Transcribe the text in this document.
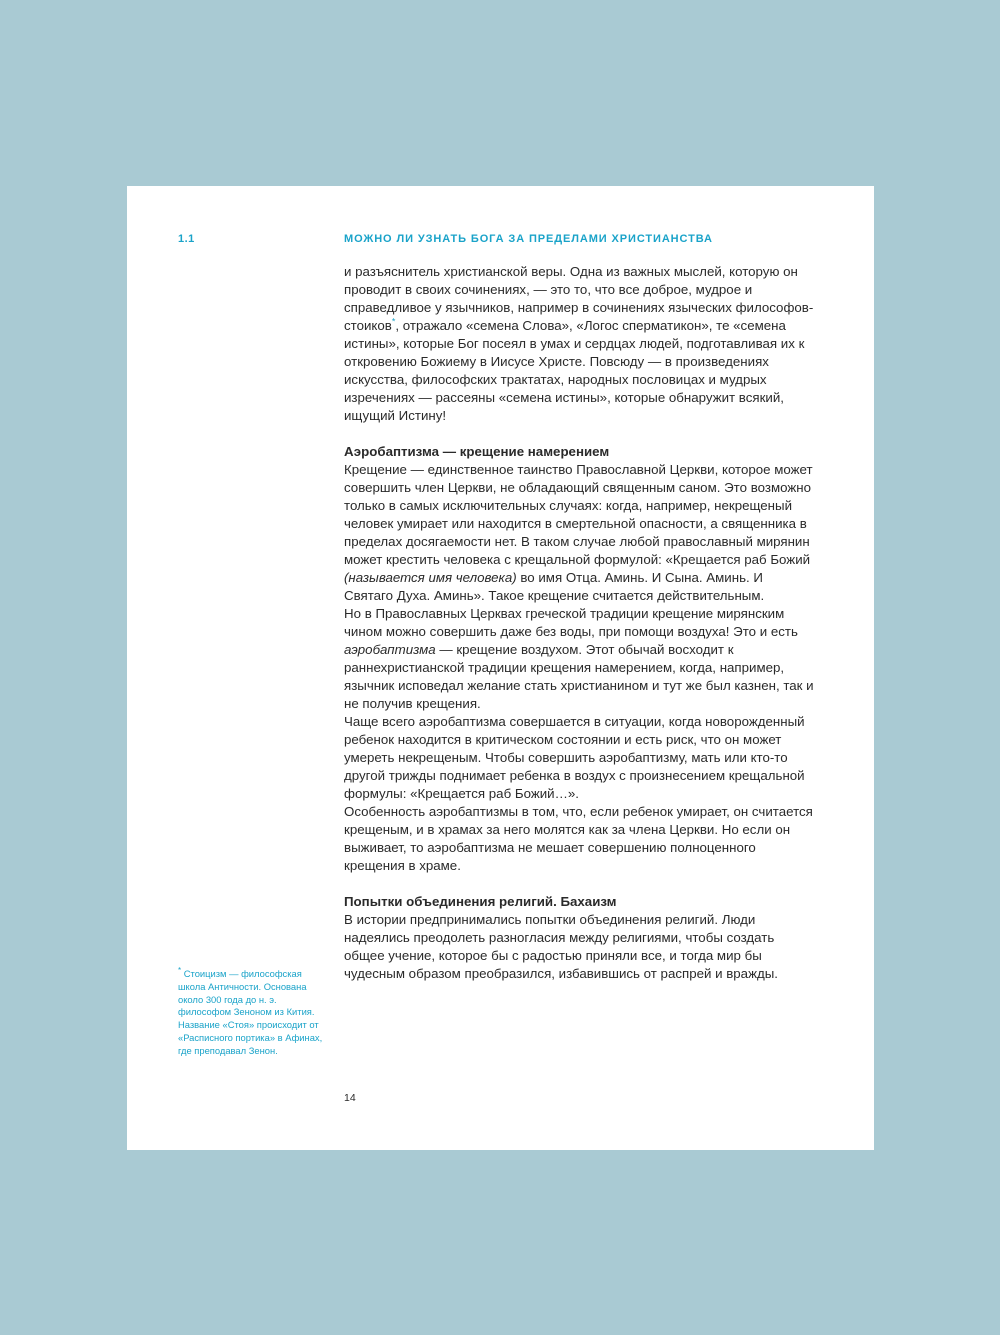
1.1	МОЖНО ЛИ УЗНАТЬ БОГА ЗА ПРЕДЕЛАМИ ХРИСТИАНСТВА

и разъяснитель христианской веры. Одна из важных мыслей, которую он проводит в своих сочинениях, — это то, что все доброе, мудрое и справедливое у язычников, например в сочинениях языческих философов-стоиков*, отражало «семена Слова», «Логос сперматикон», те «семена истины», которые Бог посеял в умах и сердцах людей, подготавливая их к откровению Божиему в Иисусе Христе. Повсюду — в произведениях искусства, философских трактатах, народных пословицах и мудрых изречениях — рассеяны «семена истины», которые обнаружит всякий, ищущий Истину!

Аэробаптизма — крещение намерением

Крещение — единственное таинство Православной Церкви, которое может совершить член Церкви, не обладающий священным саном. Это возможно только в самых исключительных случаях: когда, например, некрещеный человек умирает или находится в смертельной опасности, а священника в пределах досягаемости нет. В таком случае любой православный мирянин может крестить человека с крещальной формулой: «Крещается раб Божий (называется имя человека) во имя Отца. Аминь. И Сына. Аминь. И Святаго Духа. Аминь». Такое крещение считается действительным.

Но в Православных Церквах греческой традиции крещение мирянским чином можно совершить даже без воды, при помощи воздуха! Это и есть аэробаптизма — крещение воздухом. Этот обычай восходит к раннехристианской традиции крещения намерением, когда, например, язычник исповедал желание стать христианином и тут же был казнен, так и не получив крещения.

Чаще всего аэробаптизма совершается в ситуации, когда новорожденный ребенок находится в критическом состоянии и есть риск, что он может умереть некрещеным. Чтобы совершить аэробаптизму, мать или кто-то другой трижды поднимает ребенка в воздух с произнесением крещальной формулы: «Крещается раб Божий…».

Особенность аэробаптизмы в том, что, если ребенок умирает, он считается крещеным, и в храмах за него молятся как за члена Церкви. Но если он выживает, то аэробаптизма не мешает совершению полноценного крещения в храме.

Попытки объединения религий. Бахаизм

В истории предпринимались попытки объединения религий. Люди надеялись преодолеть разногласия между религиями, чтобы создать общее учение, которое бы с радостью приняли все, и тогда мир бы чудесным образом преобразился, избавившись от распрей и вражды.

* Стоицизм — философская школа Античности. Основана около 300 года до н. э. философом Зеноном из Кития. Название «Стоя» происходит от «Расписного портика» в Афинах, где преподавал Зенон.
14
